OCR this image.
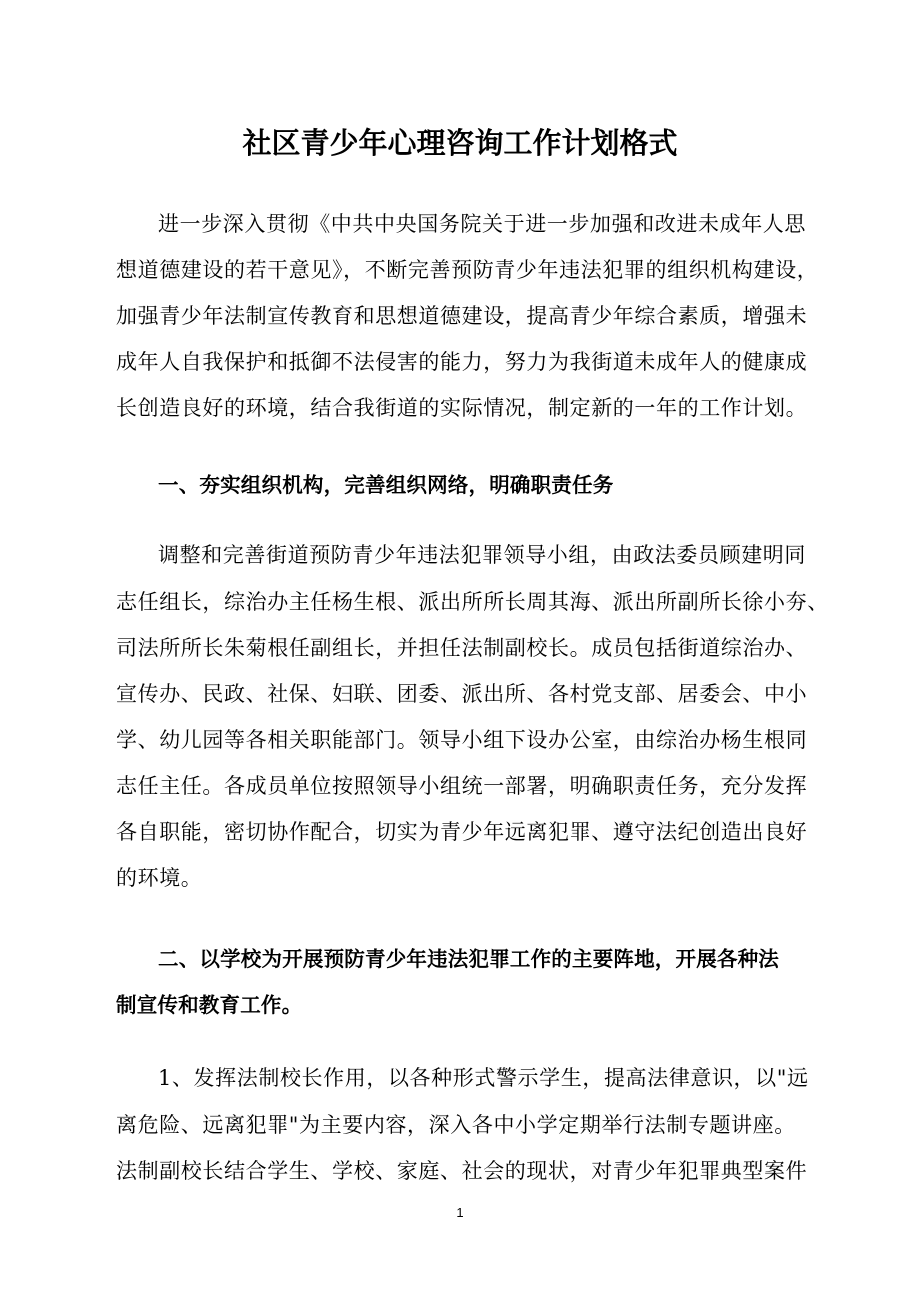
社区青少年心理咨询工作计划格式
进一步深入贯彻《中共中央国务院关于进一步加强和改进未成年人思
想道德建设的若干意见》，不断完善预防青少年违法犯罪的组织机构建设，
加强青少年法制宣传教育和思想道德建设，提高青少年综合素质，增强未
成年人自我保护和抵御不法侵害的能力，努力为我街道未成年人的健康成
长创造良好的环境，结合我街道的实际情况，制定新的一年的工作计划。
一、夯实组织机构，完善组织网络，明确职责任务
调整和完善街道预防青少年违法犯罪领导小组，由政法委员顾建明同
志任组长，综治办主任杨生根、派出所所长周其海、派出所副所长徐小夯、
司法所所长朱菊根任副组长，并担任法制副校长。成员包括街道综治办、
宣传办、民政、社保、妇联、团委、派出所、各村党支部、居委会、中小
学、幼儿园等各相关职能部门。领导小组下设办公室，由综治办杨生根同
志任主任。各成员单位按照领导小组统一部署，明确职责任务，充分发挥
各自职能，密切协作配合，切实为青少年远离犯罪、遵守法纪创造出良好
的环境。
二、以学校为开展预防青少年违法犯罪工作的主要阵地，开展各种法
制宣传和教育工作。
1、发挥法制校长作用，以各种形式警示学生，提高法律意识，以"远
离危险、远离犯罪"为主要内容，深入各中小学定期举行法制专题讲座。
法制副校长结合学生、学校、家庭、社会的现状，对青少年犯罪典型案件
1
